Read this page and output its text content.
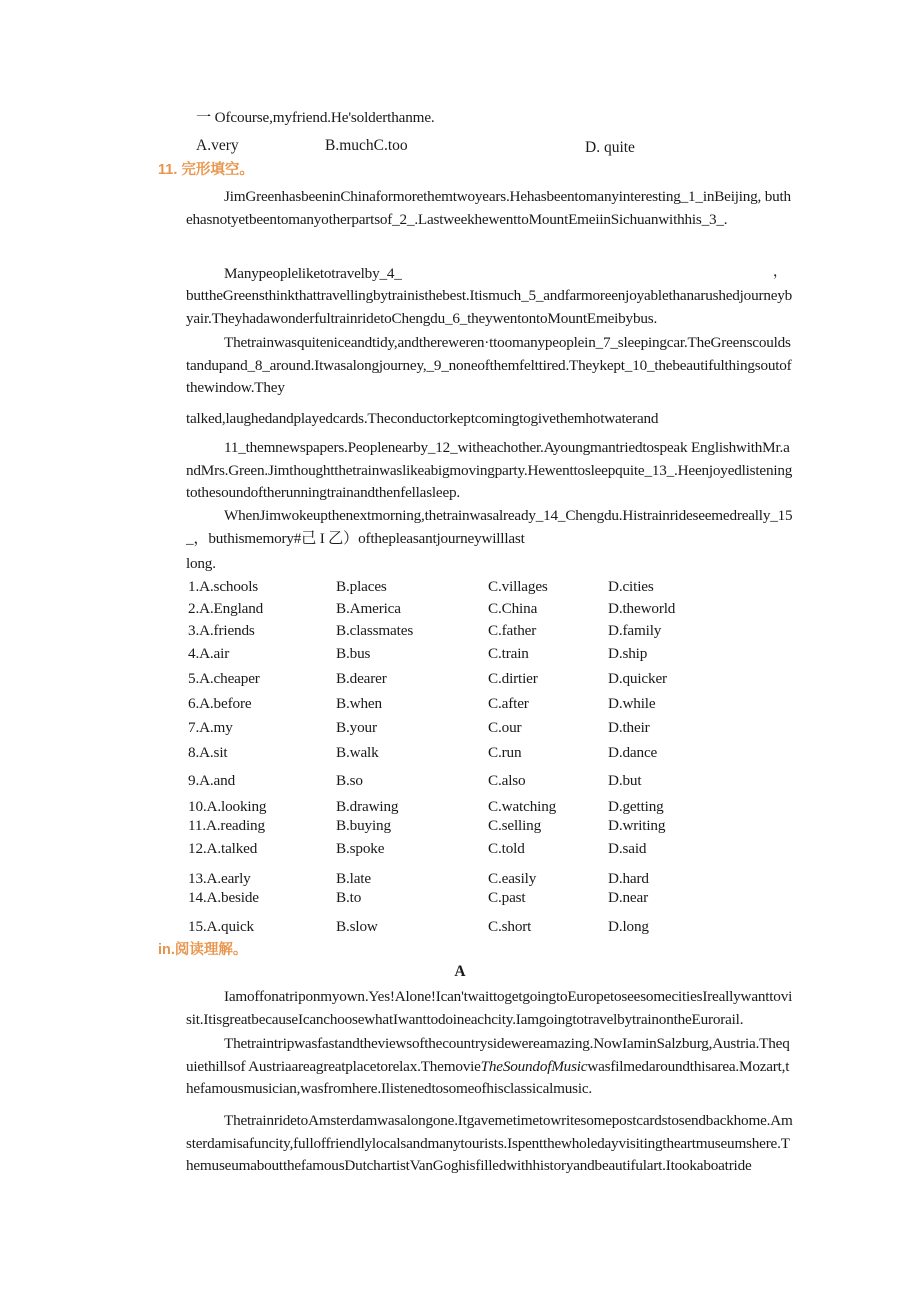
一 Ofcourse,myfriend.He'solderthanme.
A.very	B.muchC.too	D. quite
11. 完形填空。
JimGreenhasbeeninChinaformorethemtwoyears.Hehasbeentomanyinteresting_1_inBeijing, buthehasnotyetbeentomanyotherpartsof_2_.LastweekhewenttoMountEmeiinSichuanwithhis_3_.
Manypeopleliketotravelby_4_	，
buttheGreensthinkthattravellingbytrainisthebest.Itismuch_5_andfarmoreenjoyablethanarushedjourneybyair.TheyhadawonderfultrainridetoChengdu_6_theywentontoMountEmeibybus.
Thetrainwasquiteniceandtidy,andthereweren·ttoomanypeoplein_7_sleepingcar.TheGreenscouldstandupand_8_around.Itwasalongjourney,_9_noneofthemfelttired.Theykept_10_thebeautifulthingsoutofthewindow.They
talked,laughedandplayedcards.Theconductorkeptcomingtogivethemhotwaterand
11_themnewspapers.Peoplenearby_12_witheachother.Ayoungmantriedtospeak EnglishwithMr.andMrs.Green.Jimthoughtthetrainwaslikeabigmovingparty.Hewenttosleepquite_13_.Heenjoyedlisteningtothesoundoftherunningtrainandthenfellasleep.
WhenJimwokeupthenextmorning,thetrainwasalready_14_Chengdu.Histrainrideseemedreally_15_，buthismemory#己 I 乙）ofthepleasantjourneywilllast
long.
1.A.schools	B.places	C.villages	D.cities
2.A.England	B.America	C.China	D.theworld
3.A.friends	B.classmates	C.father	D.family
4.A.air	B.bus	C.train	D.ship
5.A.cheaper	B.dearer	C.dirtier	D.quicker
6.A.before	B.when	C.after	D.while
7.A.my	B.your	C.our	D.their
8.A.sit	B.walk	C.run	D.dance
9.A.and	B.so	C.also	D.but
10.A.looking	B.drawing	C.watching	D.getting
11.A.reading	B.buying	C.selling	D.writing
12.A.talked	B.spoke	C.told	D.said
13.A.early	B.late	C.easily	D.hard
14.A.beside	B.to	C.past	D.near
15.A.quick	B.slow	C.short	D.long
in.阅读理解。
A
Iamoffonatriponmyown.Yes!Alone!Ican'twaittogetgoingtoEuropetoseesomecitiesIreallywanttovisit.ItisgreatbecauseIcanchoosewhatIwanttodoineachcity.IamgoingtotravelbytrainontheEurorail.
Thetraintripwasfastandtheviewsofthecountrysidewereamazing.NowIaminSalzburg,Austria.Thequiethillsof Austriaareagreatplacetorelax.ThemovieTheSoundofMusicwasfilmedaroundthisarea.Mozart,thefamousmusician,wasfromhere.Ilistenedtosomeofhisclassicalmusic.
ThetrainridetoAmsterdamwasalongone.Itgavemetimetowritesomepostcardstosendbackhome.Amsterdamisafuncity,fulloffriendlylocalsandmanytourists.Ispentthewholedayvisitingtheartmuseumshere.ThemuseumaboutthefamousDutchartistVanGoghisfilledwithhistoryandbeautifulart.Itookaboatride
